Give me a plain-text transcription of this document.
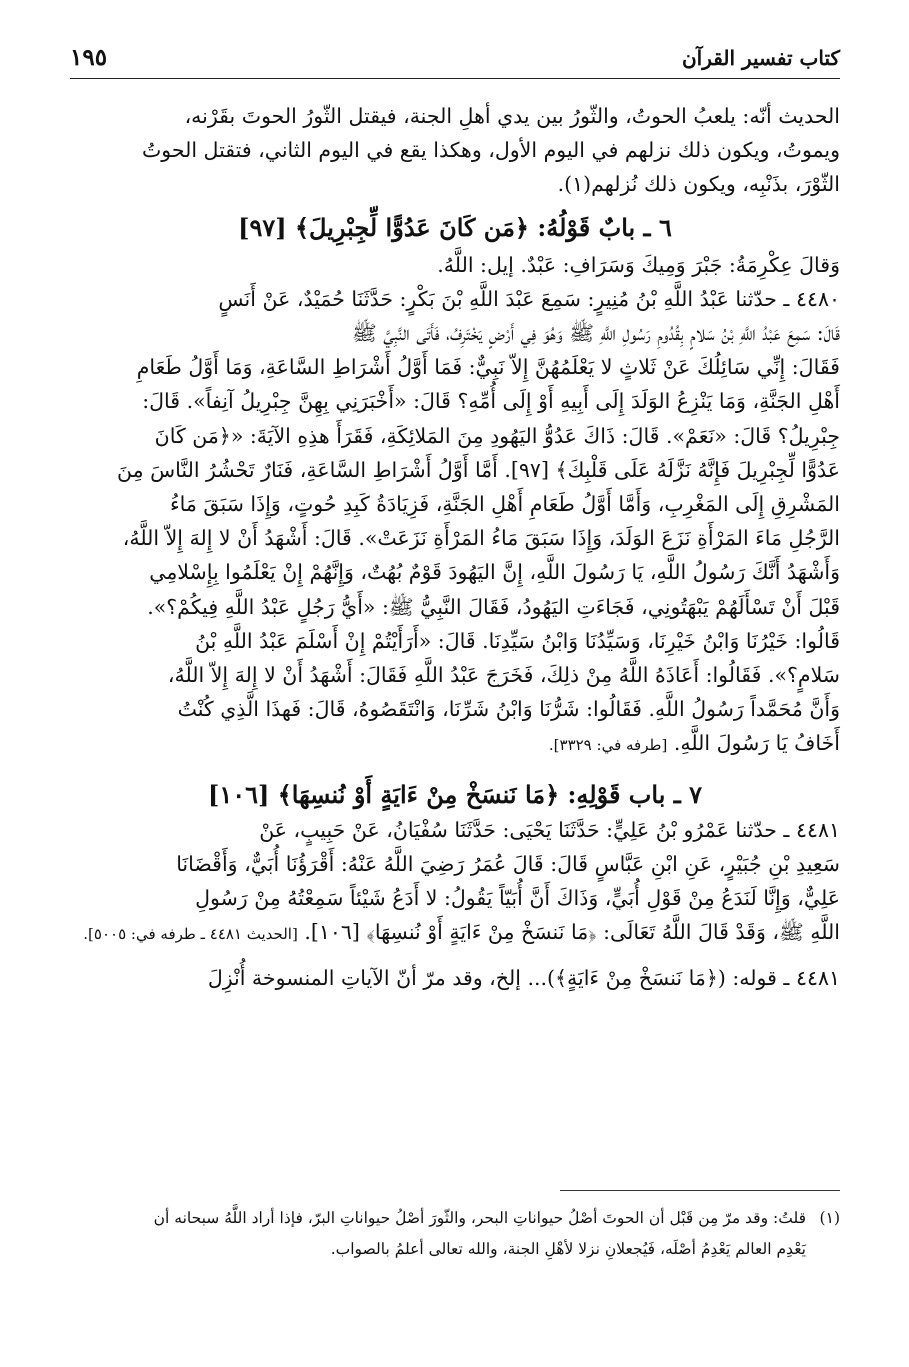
كتاب تفسير القرآن
١٩٥
الحديث أنّه: يلعبُ الحوتُ، والثّورُ بين يدي أهلِ الجنة، فيقتل الثّورُ الحوتَ بقَرْنه،
ويموتُ، ويكون ذلك نزلهم في اليوم الأول، وهكذا يقع في اليوم الثاني، فتقتل الحوتُ
الثّوْرَ، بذَنْبِه، ويكون ذلك نُزلهم(١).
٦ ـ بابٌ قَوْلُهُ: ﴿مَن كَانَ عَدُوًّا لِّجِبْرِيلَ﴾ [٩٧]
وَقالَ عِكْرِمَةُ: جَبْرَ وَمِيكَ وَسَرَافِ: عَبْدٌ. إيل: اللَّهُ.
٤٤٨٠ ـ حدّثنا عَبْدُ اللَّهِ بْنُ مُنِيرٍ: سَمِعَ عَبْدَ اللَّهِ بْنَ بَكْرٍ: حَدَّثَنَا حُمَيْدٌ، عَنْ أَنَسٍ
قَالَ: سَمِعَ عَبْدُ اللَّهِ بْنُ سَلامٍ بِقُدُومِ رَسُولِ اللَّهِ ﷺ وَهُوَ فِي أَرْضٍ يَخْتَرِفُ، فَأَتَى النَّبِيَّ ﷺ
فَقَالَ: إِنِّي سَائِلُكَ عَنْ ثَلاثٍ لا يَعْلَمُهُنَّ إِلاّ نَبِيٌّ: فَمَا أَوَّلُ أَشْرَاطِ السَّاعَةِ، وَمَا أَوَّلُ طَعَامِ
أَهْلِ الجَنَّةِ، وَمَا يَنْزِعُ الوَلَدَ إِلَى أَبِيهِ أَوْ إِلَى أُمِّهِ؟ قَالَ: «أَخْبَرَنِي بِهِنَّ جِبْرِيلُ آنِفاً». قَالَ:
جِبْرِيلُ؟ قَالَ: «نَعَمْ». قَالَ: ذَاكَ عَدُوُّ اليَهُودِ مِنَ المَلائِكَةِ، فَقَرَأَ هذِهِ الآيَةَ: «﴿مَن كَانَ
عَدُوًّا لِّجِبْرِيلَ فَإِنَّهُ نَزَّلَهُ عَلَى قَلْبِكَ﴾ [٩٧]. أَمَّا أَوَّلُ أَشْرَاطِ السَّاعَةِ، فَنَارٌ تَحْشُرُ النَّاسَ مِنَ
المَشْرِقِ إِلَى المَغْرِبِ، وَأَمَّا أَوَّلُ طَعَامِ أَهْلِ الجَنَّةِ، فَزِيَادَةُ كَبِدِ حُوتٍ، وَإِذَا سَبَقَ مَاءُ
الرَّجُلِ مَاءَ المَرْأَةِ نَزَعَ الوَلَدَ، وَإِذَا سَبَقَ مَاءُ المَرْأَةِ نَزَعَتْ». قَالَ: أَشْهَدُ أَنْ لا إِلهَ إِلاّ اللَّهُ،
وَأَشْهَدُ أَنَّكَ رَسُولُ اللَّهِ، يَا رَسُولَ اللَّهِ، إِنَّ اليَهُودَ قَوْمٌ بُهُتٌ، وَإِنَّهُمْ إِنْ يَعْلَمُوا بِإِسْلامِي
قَبْلَ أَنْ تَسْأَلَهُمْ يَبْهَتُونِي، فَجَاءَتِ اليَهُودُ، فَقَالَ النَّبِيُّ ﷺ: «أَيُّ رَجُلٍ عَبْدُ اللَّهِ فِيكُمْ؟».
قَالُوا: خَيْرُنَا وَابْنُ خَيْرِنَا، وَسَيِّدُنَا وَابْنُ سَيِّدِنَا. قَالَ: «أَرَأَيْتُمْ إِنْ أَسْلَمَ عَبْدُ اللَّهِ بْنُ
سَلامٍ؟». فَقَالُوا: أَعَاذَهُ اللَّهُ مِنْ ذلِكَ، فَخَرَجَ عَبْدُ اللَّهِ فَقَالَ: أَشْهَدُ أَنْ لا إِلهَ إِلاّ اللَّهُ،
وَأَنَّ مُحَمَّداً رَسُولُ اللَّهِ. فَقَالُوا: شَرُّنَا وَابْنُ شَرِّنَا، وَانْتَقَصُوهُ، قَالَ: فَهذَا الَّذِي كُنْتُ
أَخَافُ يَا رَسُولَ اللَّهِ. [طرفه في: ٣٣٢٩].
٧ ـ باب قَوْلِهِ: ﴿مَا نَنسَخْ مِنْ ءَايَةٍ أَوْ نُنسِهَا﴾ [١٠٦]
٤٤٨١ ـ حدّثنا عَمْرُو بْنُ عَلِيٍّ: حَدَّثَنَا يَحْيَى: حَدَّثَنَا سُفْيَانُ، عَنْ حَبِيبٍ، عَنْ
سَعِيدِ بْنِ جُبَيْرٍ، عَنِ ابْنِ عَبَّاسٍ قَالَ: قَالَ عُمَرُ رَضِيَ اللَّهُ عَنْهُ: أَقْرَؤُنَا أُبَيٌّ، وَأَقْضَانَا
عَلِيٌّ، وَإِنَّا لَنَدَعُ مِنْ قَوْلِ أُبَيٍّ، وَذَاكَ أَنَّ أُبَيّاً يَقُولُ: لا أَدَعُ شَيْئاً سَمِعْتُهُ مِنْ رَسُولِ
اللَّهِ ﷺ، وَقَدْ قَالَ اللَّهُ تَعَالَى: ﴿مَا نَنسَخْ مِنْ ءَايَةٍ أَوْ نُنسِهَا﴾ [١٠٦]. [الحديث ٤٤٨١ ـ طرفه في: ٥٠٠٥].
٤٤٨١ ـ قوله: (﴿مَا نَنسَخْ مِنْ ءَايَةٍ﴾)... إلخ، وقد مرّ أنّ الآياتِ المنسوخة أُنْزِلَ
(١)قلتُ: وقد مرّ مِن قَبْل أن الحوتَ أصْلُ حيواناتِ البحر، والثّورَ أصْلُ حيواناتِ البرّ، فإذا أراد اللَّهُ سبحانه أن
يَعْدِم العالم يَعْدِمُ أصْلَه، فَيُجعلانِ نزلا لأهْلِ الجنة، والله تعالى أعلمُ بالصواب.
